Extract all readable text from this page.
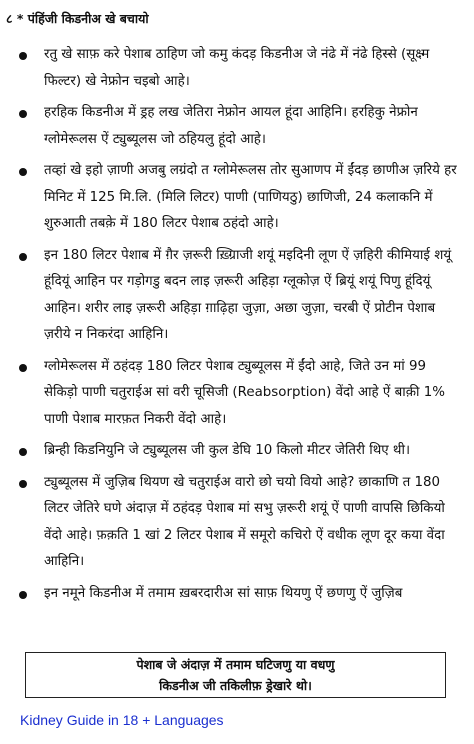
८ * पंहिंजी किडनीअ खे बचायो
रतु खे साफ़ करे पेशाब ठाहिण जो कमु कंदड़ किडनीअ जे नंढे में नंढे हिस्से (सूक्ष्म फिल्टर) खे नेफ्रोन चइबो आहे।
हरहिक किडनीअ में ड्रह लख जेतिरा नेफ्रोन आयल हूंदा आहिनि। हरहिकु नेफ्रोन ग्लोमेरूलस ऐं ट्युब्यूलस जो ठहियलु हूंदो आहे।
तव्हां खे इहो ज़ाणी अजबु लग्रंदो त ग्लोमेरूलस तोर सुआणप में ईंदड़ छाणीअ ज़रिये हर मिनिट में 125 मि.लि. (मिलि लिटर) पाणी (पाणियठु) छाणिजी, 24 कलाकनि में शुरुआती तबक़े में 180 लिटर पेशाब ठहंदो आहे।
इन 180 लिटर पेशाब में ग़ैर ज़रूरी ख़्ग्रिाजी शयूं मइदिनी लूण ऐं ज़हिरी कीमियाई शयूं हूंदियूं आहिन पर गड़ोगडु बदन लाइ ज़रूरी अहिड़ा ग्लूकोज़ ऐं ब्रियूं शयूं पिणु हूंदियूं आहिन। शरीर लाइ ज़रूरी अहिड़ा ग़ाढ़िहा जुज़ा, अछा जुज़ा, चरबी ऐं प्रोटीन पेशाब ज़रीये न निकरंदा आहिनि।
ग्लोमेरूलस में ठहंदड़ 180 लिटर पेशाब ट्युब्यूलस में ईंदो आहे, जिते उन मां 99 सेकिड़ो पाणी चतुराईअ सां वरी चूसिजी (Reabsorption) वेंदो आहे ऐं बाक़ी 1% पाणी पेशाब मारफ़त निकरी वेंदो आहे।
ब्रिन्ही किडनियुनि जे ट्युब्यूलस जी कुल डेघि 10 किलो मीटर जेतिरी थिए थी।
ट्युब्यूलस में जुज़िब थियण खे चतुराईअ वारो छो चयो वियो आहे? छाकाणि त 180 लिटर जेतिरे घणे अंदाज़ में ठहंदड़ पेशाब मां सभु ज़रूरी शयूं ऐं पाणी वापसि छिकियो वेंदो आहे। फ़क़ति 1 खां 2 लिटर पेशाब में समूरो कचिरो ऐं वधीक लूण दूर कया वेंदा आहिनि।
इन नमूने किडनीअ में तमाम ख़बरदारीअ सां साफ़ थियणु ऐं छणणु ऐं जुज़िब
पेशाब जे अंदाज़ में तमाम घटिजणु या वधणु
किडनीअ जी तकिलीफ़ ड्रेखारे थो।
Kidney Guide in 18 + Languages
